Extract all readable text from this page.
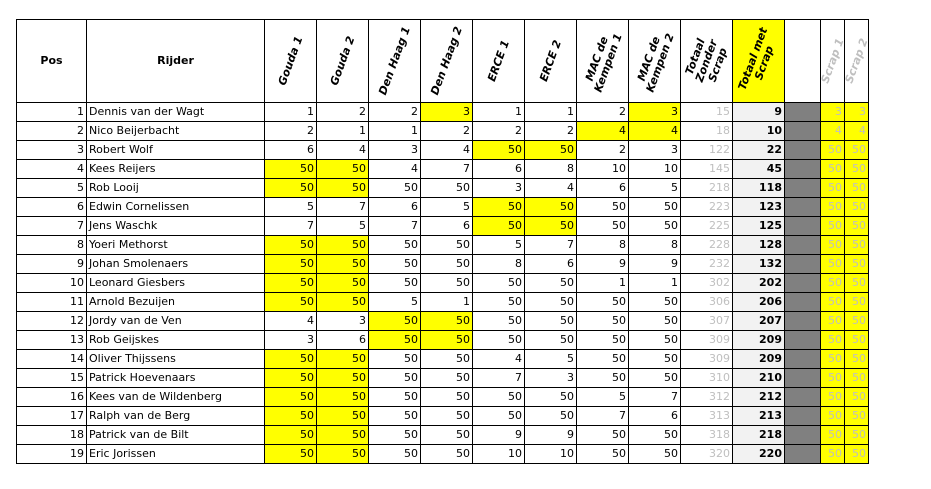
Pos	Rijder	Gouda 1	Gouda 2	Den Haag 1	Den Haag 2	ERCE 1	ERCE 2	MAC de Kempen 1	MAC de Kempen 2	Totaal Zonder Scrap	Totaal met Scrap		Scrap 1	Scrap 2

1	Dennis van der Wagt	1	2	2	3	1	1	2	3	15	9		3	3
2	Nico Beijerbacht	2	1	1	2	2	2	4	4	18	10		4	4
3	Robert Wolf	6	4	3	4	50	50	2	3	122	22		50	50
4	Kees Reijers	50	50	4	7	6	8	10	10	145	45		50	50
5	Rob Looij	50	50	50	50	3	4	6	5	218	118		50	50
6	Edwin Cornelissen	5	7	6	5	50	50	50	50	223	123		50	50
7	Jens Waschk	7	5	7	6	50	50	50	50	225	125		50	50
8	Yoeri Methorst	50	50	50	50	5	7	8	8	228	128		50	50
9	Johan Smolenaers	50	50	50	50	8	6	9	9	232	132		50	50
10	Leonard Giesbers	50	50	50	50	50	50	1	1	302	202		50	50
11	Arnold Bezuijen	50	50	5	1	50	50	50	50	306	206		50	50
12	Jordy van de Ven	4	3	50	50	50	50	50	50	307	207		50	50
13	Rob Geijskes	3	6	50	50	50	50	50	50	309	209		50	50
14	Oliver Thijssens	50	50	50	50	4	5	50	50	309	209		50	50
15	Patrick Hoevenaars	50	50	50	50	7	3	50	50	310	210		50	50
16	Kees van de Wildenberg	50	50	50	50	50	50	5	7	312	212		50	50
17	Ralph van de Berg	50	50	50	50	50	50	7	6	313	213		50	50
18	Patrick van de Bilt	50	50	50	50	9	9	50	50	318	218		50	50
19	Eric Jorissen	50	50	50	50	10	10	50	50	320	220		50	50
